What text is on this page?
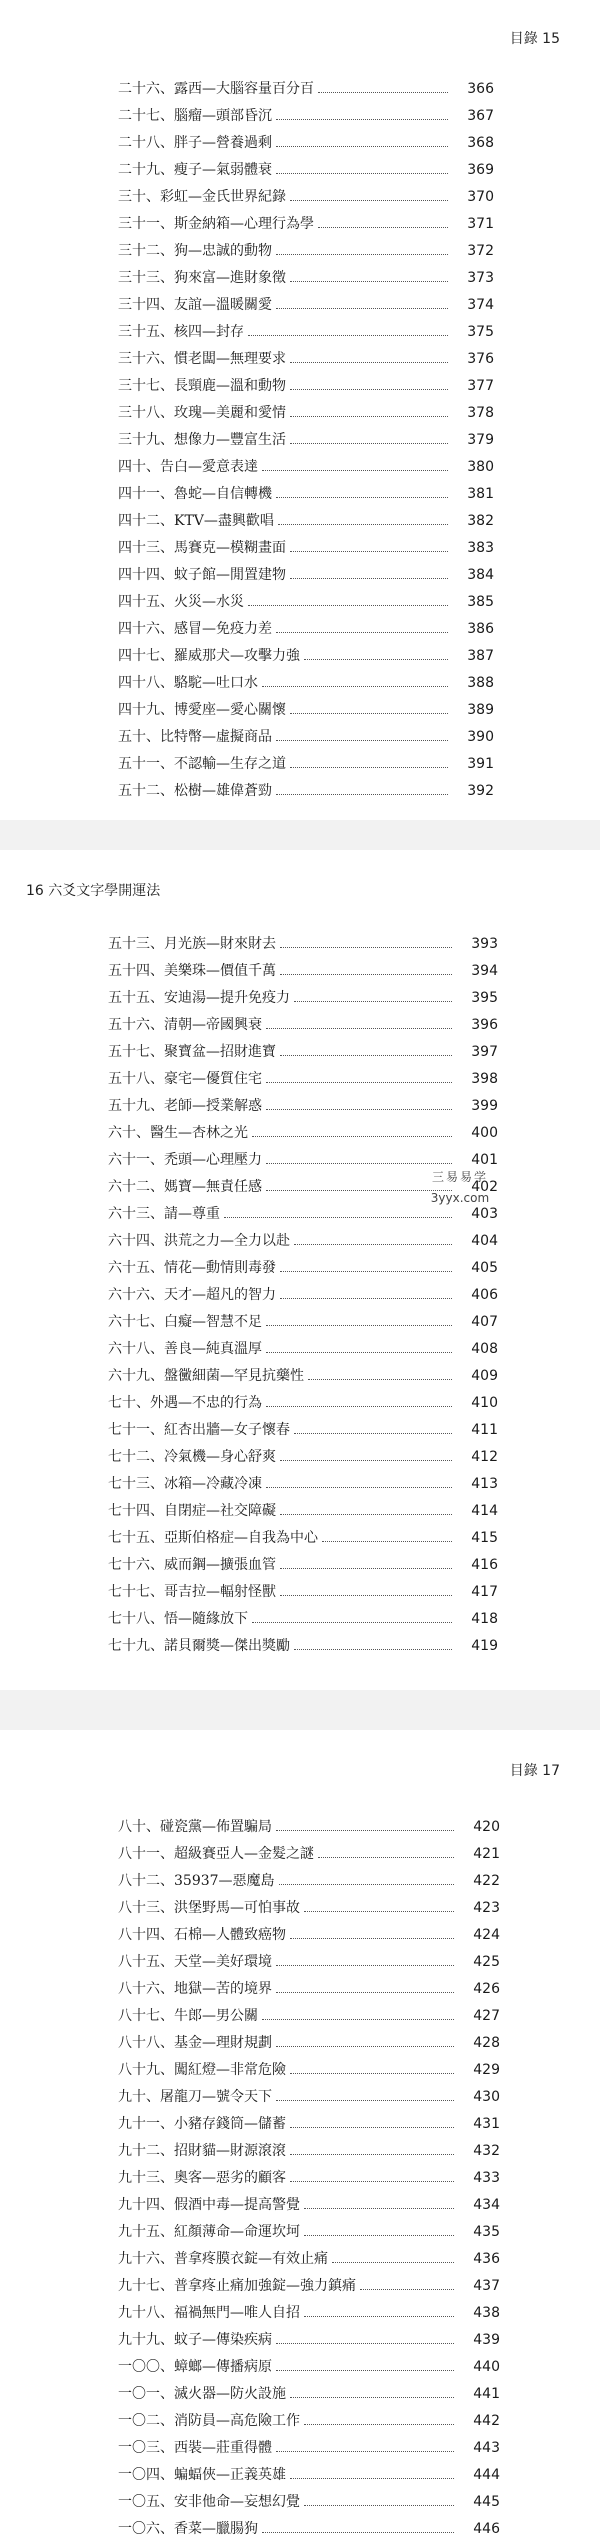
目錄 15
二十六、露西—大腦容量百分百	366
二十七、腦瘤—頭部昏沉	367
二十八、胖子—營養過剩	368
二十九、瘦子—氣弱體衰	369
三十、彩虹—金氏世界紀錄	370
三十一、斯金納箱—心理行為學	371
三十二、狗—忠誠的動物	372
三十三、狗來富—進財象徵	373
三十四、友誼—溫暖關愛	374
三十五、核四—封存	375
三十六、慣老闆—無理要求	376
三十七、長頸鹿—溫和動物	377
三十八、玫瑰—美麗和愛情	378
三十九、想像力—豐富生活	379
四十、告白—愛意表達	380
四十一、魯蛇—自信轉機	381
四十二、KTV—盡興歡唱	382
四十三、馬賽克—模糊畫面	383
四十四、蚊子館—閒置建物	384
四十五、火災—水災	385
四十六、感冒—免疫力差	386
四十七、羅威那犬—攻擊力強	387
四十八、駱駝—吐口水	388
四十九、博愛座—愛心關懷	389
五十、比特幣—虛擬商品	390
五十一、不認輸—生存之道	391
五十二、松樹—雄偉蒼勁	392
16 六爻文字學開運法
五十三、月光族—財來財去	393
五十四、美樂珠—價值千萬	394
五十五、安迪湯—提升免疫力	395
五十六、清朝—帝國興衰	396
五十七、聚寶盆—招財進寶	397
五十八、豪宅—優質住宅	398
五十九、老師—授業解惑	399
六十、醫生—杏林之光	400
六十一、禿頭—心理壓力	401
六十二、媽寶—無責任感	402
六十三、請—尊重	403
六十四、洪荒之力—全力以赴	404
六十五、情花—動情則毒發	405
六十六、天才—超凡的智力	406
六十七、白癡—智慧不足	407
六十八、善良—純真溫厚	408
六十九、盤黴細菌—罕見抗藥性	409
七十、外遇—不忠的行為	410
七十一、紅杏出牆—女子懷春	411
七十二、冷氣機—身心舒爽	412
七十三、冰箱—冷藏冷凍	413
七十四、自閉症—社交障礙	414
七十五、亞斯伯格症—自我為中心	415
七十六、威而鋼—擴張血管	416
七十七、哥吉拉—輻射怪獸	417
七十八、悟—隨緣放下	418
七十九、諾貝爾獎—傑出獎勵	419
三易易学
3yyx.com
目錄 17
八十、碰瓷黨—佈置騙局	420
八十一、超級賽亞人—金髮之謎	421
八十二、35937—惡魔島	422
八十三、洪堡野馬—可怕事故	423
八十四、石棉—人體致癌物	424
八十五、天堂—美好環境	425
八十六、地獄—苦的境界	426
八十七、牛郎—男公關	427
八十八、基金—理財規劃	428
八十九、闖紅燈—非常危險	429
九十、屠龍刀—號令天下	430
九十一、小豬存錢筒—儲蓄	431
九十二、招財貓—財源滾滾	432
九十三、奧客—惡劣的顧客	433
九十四、假酒中毒—提高警覺	434
九十五、紅顏薄命—命運坎坷	435
九十六、普拿疼膜衣錠—有效止痛	436
九十七、普拿疼止痛加強錠—強力鎮痛	437
九十八、福禍無門—唯人自招	438
九十九、蚊子—傳染疾病	439
一〇〇、蟑螂—傳播病原	440
一〇一、滅火器—防火設施	441
一〇二、消防員—高危險工作	442
一〇三、西裝—莊重得體	443
一〇四、蝙蝠俠—正義英雄	444
一〇五、安非他命—妄想幻覺	445
一〇六、香菜—臘腸狗	446
